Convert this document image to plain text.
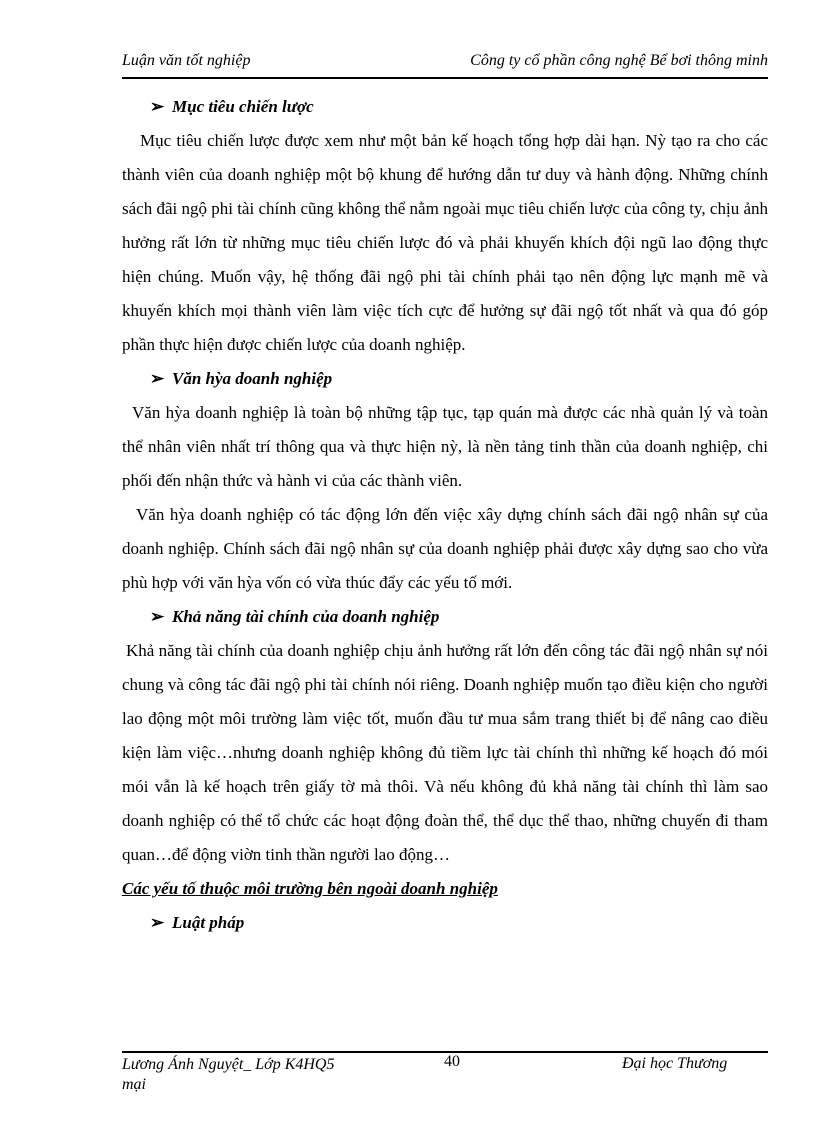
Luận văn tốt nghiệp	Công ty cổ phần công nghệ Bể bơi thông minh
➢ Mục tiêu chiến lược

Mục tiêu chiến lược được xem như một bản kế hoạch tổng hợp dài hạn. Nỳ tạo ra cho các thành viên của doanh nghiệp một bộ khung để hướng dẫn tư duy và hành động. Những chính sách đãi ngộ phi tài chính cũng không thể nằm ngoài mục tiêu chiến lược của công ty, chịu ảnh hưởng rất lớn từ những mục tiêu chiến lược đó và phải khuyến khích đội ngũ lao động thực hiện chúng. Muốn vậy, hệ thống đãi ngộ phi tài chính phải tạo nên động lực mạnh mẽ và khuyến khích mọi thành viên làm việc tích cực để hưởng sự đãi ngộ tốt nhất và qua đó góp phần thực hiện được chiến lược của doanh nghiệp.

➢ Văn hỳa doanh nghiệp

Văn hỳa doanh nghiệp là toàn bộ những tập tục, tạp quán mà được các nhà quản lý và toàn thể nhân viên nhất trí thông qua và thực hiện nỳ, là nền tảng tinh thần của doanh nghiệp, chi phối đến nhận thức và hành vi của các thành viên.

Văn hỳa doanh nghiệp có tác động lớn đến việc xây dựng chính sách đãi ngộ nhân sự của doanh nghiệp. Chính sách đãi ngộ nhân sự của doanh nghiệp phải được xây dựng sao cho vừa phù hợp với văn hỳa vốn có vừa thúc đẩy các yếu tố mới.

➢ Khả năng tài chính của doanh nghiệp

Khả năng tài chính của doanh nghiệp chịu ảnh hưởng rất lớn đến công tác đãi ngộ nhân sự nói chung và công tác đãi ngộ phi tài chính nói riêng. Doanh nghiệp muốn tạo điều kiện cho người lao động một môi trường làm việc tốt, muốn đầu tư mua sắm trang thiết bị để nâng cao điều kiện làm việc…nhưng doanh nghiệp không đủ tiềm lực tài chính thì những kế hoạch đó mói mói vẫn là kế hoạch trên giấy tờ mà thôi. Và nếu không đủ khả năng tài chính thì làm sao doanh nghiệp có thể tổ chức các hoạt động đoàn thể, thể dục thể thao, những chuyến đi tham quan…để động viờn tinh thần người lao động…

Các yếu tố thuộc môi trường bên ngoài doanh nghiệp
➢ Luật pháp
Lương Ánh Nguyệt_ Lớp K4HQ5 mại
40	Đại học Thương
